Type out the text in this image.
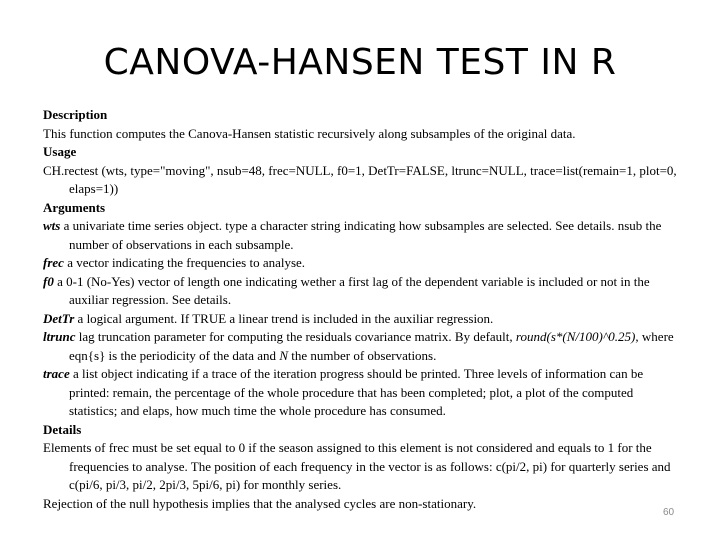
CANOVA-HANSEN TEST IN R

Description

This function computes the Canova-Hansen statistic recursively along subsamples of the original data.

Usage

CH.rectest (wts, type="moving", nsub=48, frec=NULL, f0=1, DetTr=FALSE, ltrunc=NULL, trace=list(remain=1, plot=0, elaps=1))

Arguments

wts a univariate time series object. type a character string indicating how subsamples are selected. See details. nsub the number of observations in each subsample.

frec a vector indicating the frequencies to analyse.

f0 a 0-1 (No-Yes) vector of length one indicating wether a first lag of the dependent variable is included or not in the auxiliar regression. See details.

DetTr a logical argument. If TRUE a linear trend is included in the auxiliar regression.

ltrunc lag truncation parameter for computing the residuals covariance matrix. By default, round(s*(N/100)^0.25), where eqn{s} is the periodicity of the data and N the number of observations.

trace a list object indicating if a trace of the iteration progress should be printed. Three levels of information can be printed: remain, the percentage of the whole procedure that has been completed; plot, a plot of the computed statistics; and elaps, how much time the whole procedure has consumed.

Details

Elements of frec must be set equal to 0 if the season assigned to this element is not considered and equals to 1 for the frequencies to analyse. The position of each frequency in the vector is as follows: c(pi/2, pi) for quarterly series and c(pi/6, pi/3, pi/2, 2pi/3, 5pi/6, pi) for monthly series.

Rejection of the null hypothesis implies that the analysed cycles are non-stationary.

60
